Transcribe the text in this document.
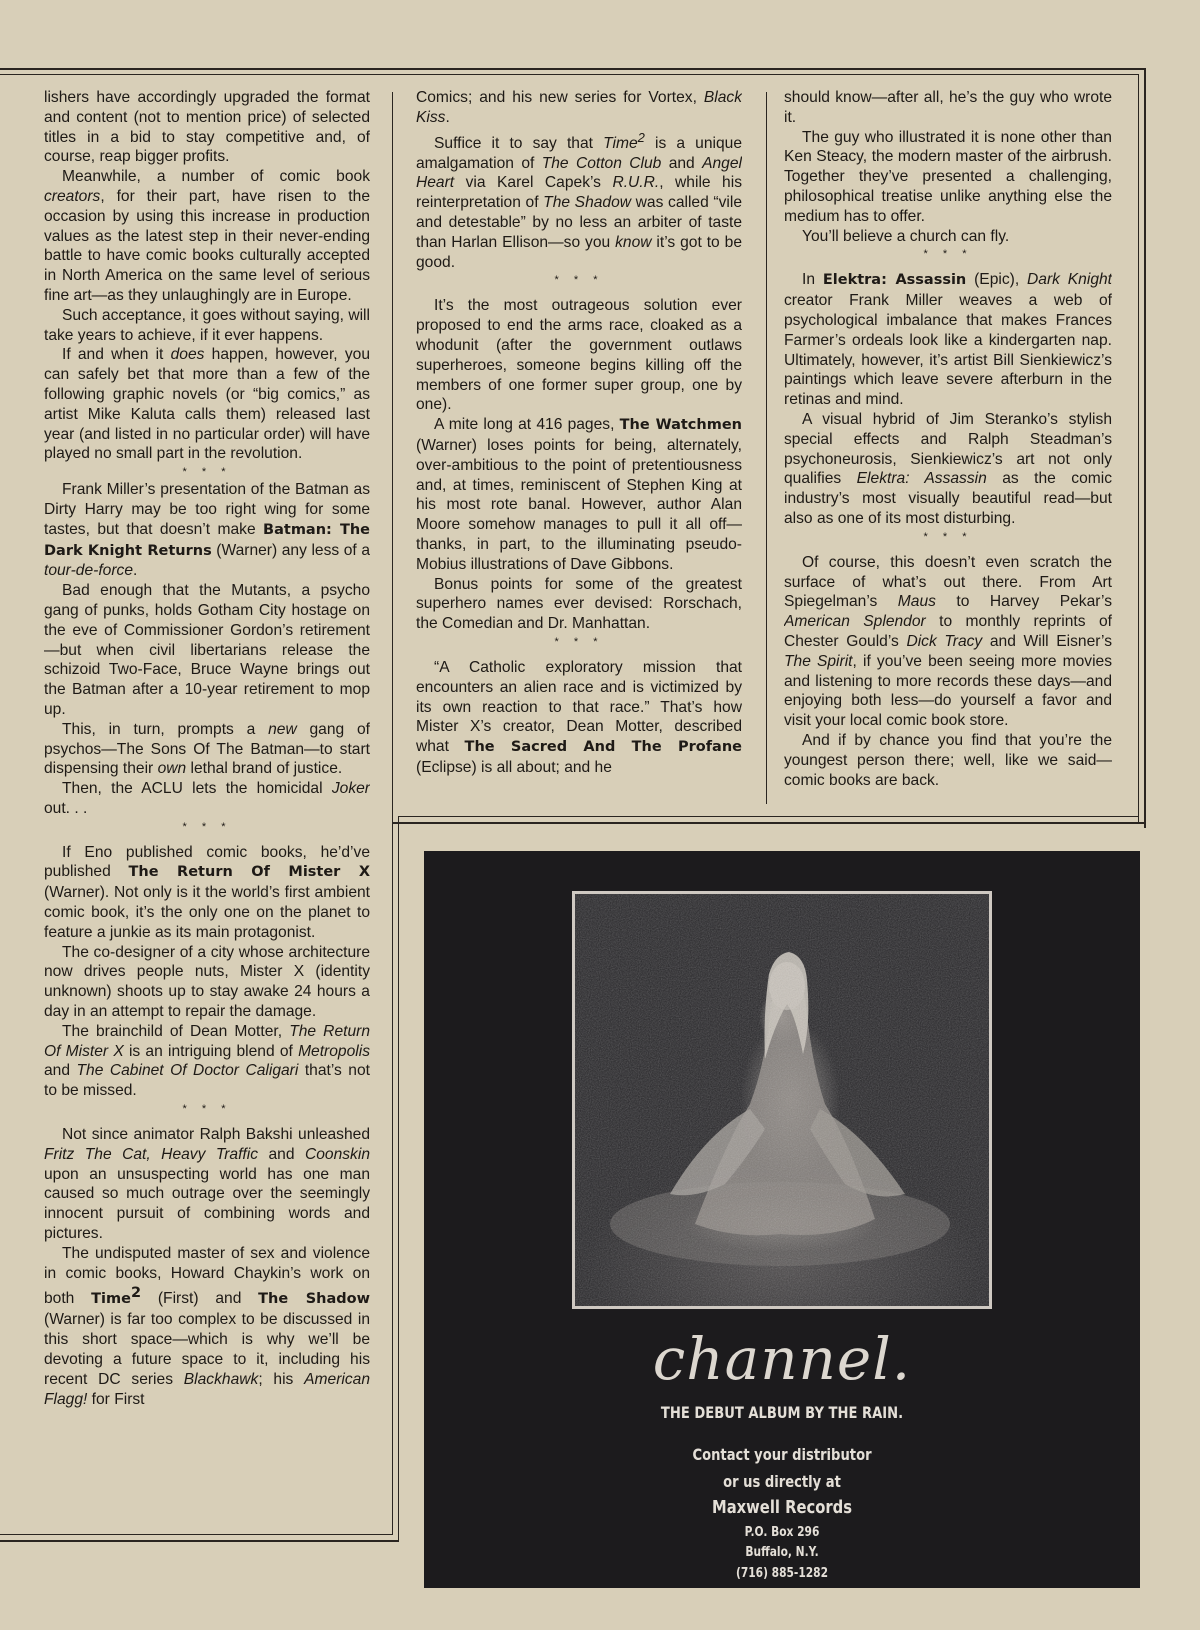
lishers have accordingly upgraded the format and content (not to mention price) of selected titles in a bid to stay competitive and, of course, reap bigger profits.

Meanwhile, a number of comic book creators, for their part, have risen to the occasion by using this increase in production values as the latest step in their never-ending battle to have comic books culturally accepted in North America on the same level of serious fine art—as they unlaughingly are in Europe.

Such acceptance, it goes without saying, will take years to achieve, if it ever happens.

If and when it does happen, however, you can safely bet that more than a few of the following graphic novels (or “big comics,” as artist Mike Kaluta calls them) released last year (and listed in no particular order) will have played no small part in the revolution.

* * *

Frank Miller’s presentation of the Batman as Dirty Harry may be too right wing for some tastes, but that doesn’t make Batman: The Dark Knight Returns (Warner) any less of a tour-de-force.

Bad enough that the Mutants, a psycho gang of punks, holds Gotham City hostage on the eve of Commissioner Gordon’s retirement—but when civil libertarians release the schizoid Two-Face, Bruce Wayne brings out the Batman after a 10-year retirement to mop up.

This, in turn, prompts a new gang of psychos—The Sons Of The Batman—to start dispensing their own lethal brand of justice.

Then, the ACLU lets the homicidal Joker out. . .

* * *

If Eno published comic books, he’d’ve published The Return Of Mister X (Warner). Not only is it the world’s first ambient comic book, it’s the only one on the planet to feature a junkie as its main protagonist.

The co-designer of a city whose architecture now drives people nuts, Mister X (identity unknown) shoots up to stay awake 24 hours a day in an attempt to repair the damage.

The brainchild of Dean Motter, The Return Of Mister X is an intriguing blend of Metropolis and The Cabinet Of Doctor Caligari that’s not to be missed.

* * *

Not since animator Ralph Bakshi unleashed Fritz The Cat, Heavy Traffic and Coonskin upon an unsuspecting world has one man caused so much outrage over the seemingly innocent pursuit of combining words and pictures.

The undisputed master of sex and violence in comic books, Howard Chaykin’s work on both Time$^2$ (First) and The Shadow (Warner) is far too complex to be discussed in this short space—which is why we’ll be devoting a future space to it, including his recent DC series Blackhawk; his American Flagg! for First

Comics; and his new series for Vortex, Black Kiss.

Suffice it to say that Time$^2$ is a unique amalgamation of The Cotton Club and Angel Heart via Karel Capek’s R.U.R., while his reinterpretation of The Shadow was called “vile and detestable” by no less an arbiter of taste than Harlan Ellison—so you know it’s got to be good.

* * *

It’s the most outrageous solution ever proposed to end the arms race, cloaked as a whodunit (after the government outlaws superheroes, someone begins killing off the members of one former super group, one by one).

A mite long at 416 pages, The Watchmen (Warner) loses points for being, alternately, over-ambitious to the point of pretentiousness and, at times, reminiscent of Stephen King at his most rote banal. However, author Alan Moore somehow manages to pull it all off—thanks, in part, to the illuminating pseudo-Mobius illustrations of Dave Gibbons.

Bonus points for some of the greatest superhero names ever devised: Rorschach, the Comedian and Dr. Manhattan.

* * *

“A Catholic exploratory mission that encounters an alien race and is victimized by its own reaction to that race.” That’s how Mister X’s creator, Dean Motter, described what The Sacred And The Profane (Eclipse) is all about; and he

should know—after all, he’s the guy who wrote it.

The guy who illustrated it is none other than Ken Steacy, the modern master of the airbrush. Together they’ve presented a challenging, philosophical treatise unlike anything else the medium has to offer.

You’ll believe a church can fly.

* * *

In Elektra: Assassin (Epic), Dark Knight creator Frank Miller weaves a web of psychological imbalance that makes Frances Farmer’s ordeals look like a kindergarten nap. Ultimately, however, it’s artist Bill Sienkiewicz’s paintings which leave severe afterburn in the retinas and mind.

A visual hybrid of Jim Steranko’s stylish special effects and Ralph Steadman’s psychoneurosis, Sienkiewicz’s art not only qualifies Elektra: Assassin as the comic industry’s most visually beautiful read—but also as one of its most disturbing.

* * *

Of course, this doesn’t even scratch the surface of what’s out there. From Art Spiegelman’s Maus to Harvey Pekar’s American Splendor to monthly reprints of Chester Gould’s Dick Tracy and Will Eisner’s The Spirit, if you’ve been seeing more movies and listening to more records these days—and enjoying both less—do yourself a favor and visit your local comic book store.

And if by chance you find that you’re the youngest person there; well, like we said—comic books are back.

channel.
THE DEBUT ALBUM BY THE RAIN.
Contact your distributor
or us directly at
Maxwell Records
P.O. Box 296
Buffalo, N.Y.
(716) 885-1282
